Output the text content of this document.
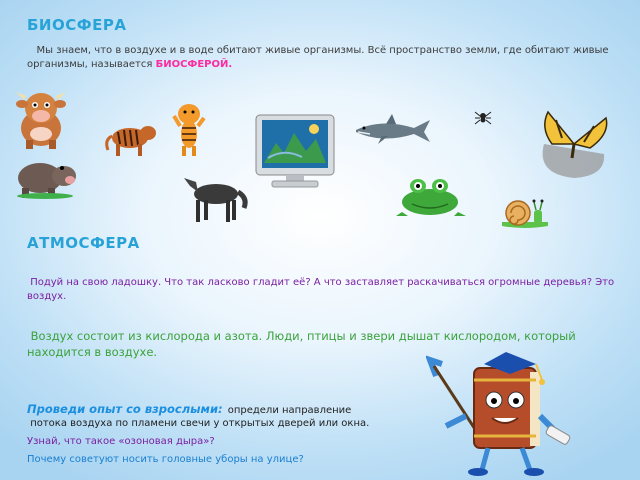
БИОСФЕРА
Мы знаем, что в воздухе и в воде обитают живые организмы. Всё пространство земли, где обитают живые организмы, называется БИОСФЕРОЙ.
АТМОСФЕРА
Подуй на свою ладошку. Что так ласково гладит её? А что заставляет раскачиваться огромные деревья? Это воздух.
Воздух состоит из кислорода и азота. Люди, птицы и звери дышат кислородом, который находится в воздухе.
Проведи опыт со взрослыми: определи направление
потока воздуха по пламени свечи у открытых дверей или окна.
Узнай, что такое «озоновая дыра»?
Почему советуют носить головные уборы на улице?
